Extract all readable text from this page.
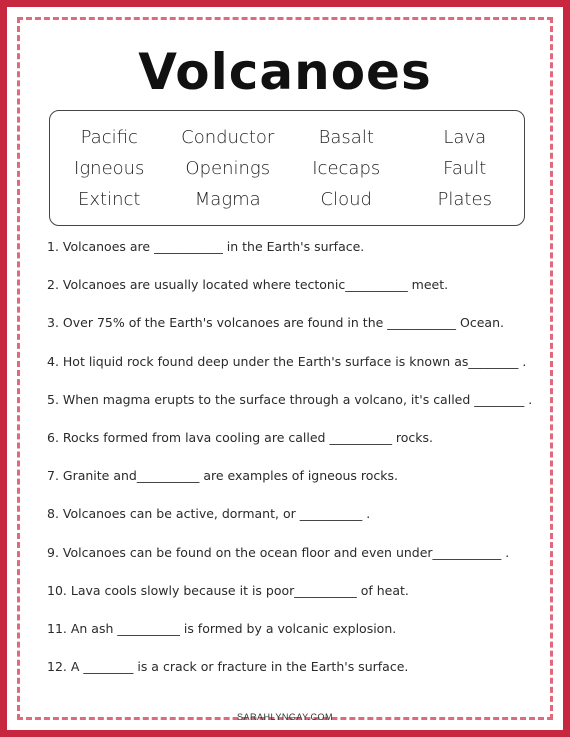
Volcanoes
Pacific	Conductor	Basalt	Lava
Igneous	Openings	Icecaps	Fault
Extinct	Magma	Cloud	Plates
1. Volcanoes are ___________ in the Earth's surface.
2. Volcanoes are usually located where tectonic__________ meet.
3. Over 75% of the Earth's volcanoes are found in the ___________ Ocean.
4. Hot liquid rock found deep under the Earth's surface is known as________ .
5. When magma erupts to the surface through a volcano, it's called ________ .
6. Rocks formed from lava cooling are called __________ rocks.
7. Granite and__________ are examples of igneous rocks.
8. Volcanoes can be active, dormant, or __________ .
9. Volcanoes can be found on the ocean floor and even under___________ .
10. Lava cools slowly because it is poor__________ of heat.
11. An ash __________ is formed by a volcanic explosion.
12. A ________ is a crack or fracture in the Earth's surface.
SARAHLYNGAY.COM
